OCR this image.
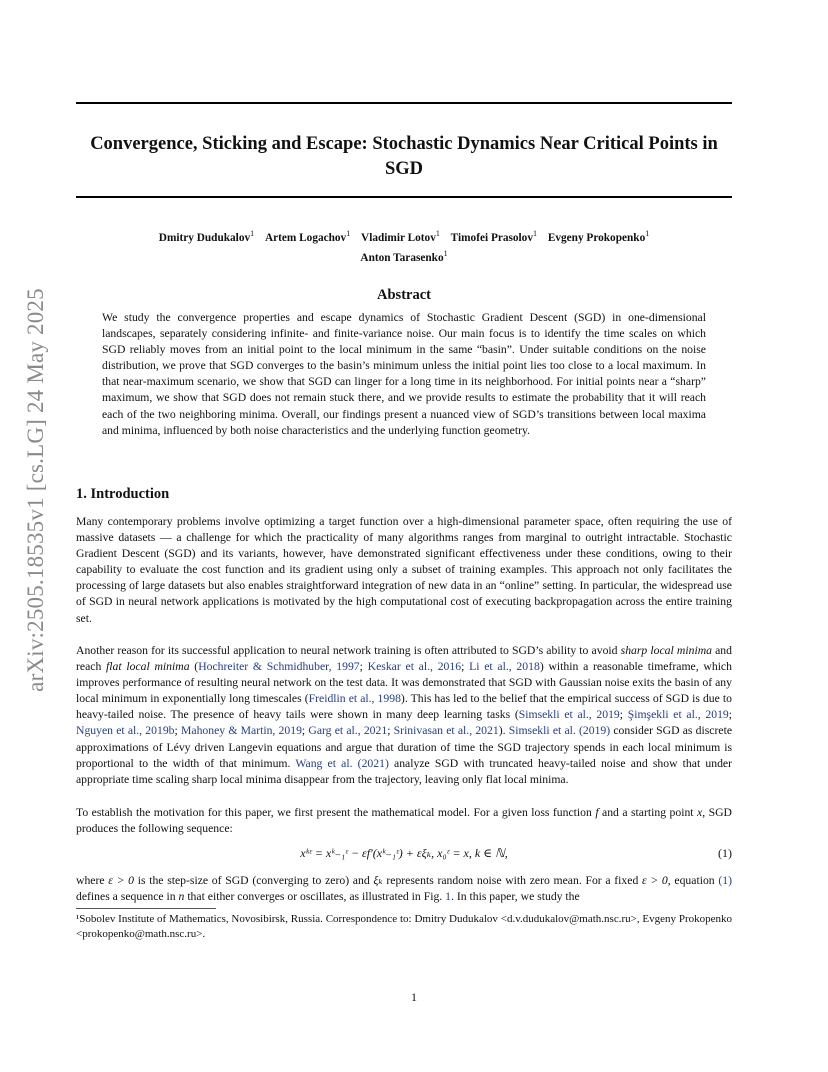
arXiv:2505.18535v1 [cs.LG] 24 May 2025
Convergence, Sticking and Escape: Stochastic Dynamics Near Critical Points in SGD
Dmitry Dudukalov$^1$ Artem Logachov$^1$ Vladimir Lotov$^1$ Timofei Prasolov$^1$ Evgeny Prokopenko$^1$
Anton Tarasenko$^1$
Abstract

We study the convergence properties and escape dynamics of Stochastic Gradient Descent (SGD) in one-dimensional landscapes, separately considering infinite- and finite-variance noise. Our main focus is to identify the time scales on which SGD reliably moves from an initial point to the local minimum in the same “basin”. Under suitable conditions on the noise distribution, we prove that SGD converges to the basin’s minimum unless the initial point lies too close to a local maximum. In that near-maximum scenario, we show that SGD can linger for a long time in its neighborhood. For initial points near a “sharp” maximum, we show that SGD does not remain stuck there, and we provide results to estimate the probability that it will reach each of the two neighboring minima. Overall, our findings present a nuanced view of SGD’s transitions between local maxima and minima, influenced by both noise characteristics and the underlying function geometry.

1. Introduction

Many contemporary problems involve optimizing a target function over a high-dimensional parameter space, often requiring the use of massive datasets — a challenge for which the practicality of many algorithms ranges from marginal to outright intractable. Stochastic Gradient Descent (SGD) and its variants, however, have demonstrated significant effectiveness under these conditions, owing to their capability to evaluate the cost function and its gradient using only a subset of training examples. This approach not only facilitates the processing of large datasets but also enables straightforward integration of new data in an “online” setting. In particular, the widespread use of SGD in neural network applications is motivated by the high computational cost of executing backpropagation across the entire training set.

Another reason for its successful application to neural network training is often attributed to SGD’s ability to avoid sharp local minima and reach flat local minima (Hochreiter & Schmidhuber, 1997; Keskar et al., 2016; Li et al., 2018) within a reasonable timeframe, which improves performance of resulting neural network on the test data. It was demonstrated that SGD with Gaussian noise exits the basin of any local minimum in exponentially long timescales (Freidlin et al., 1998). This has led to the belief that the empirical success of SGD is due to heavy-tailed noise. The presence of heavy tails were shown in many deep learning tasks (Simsekli et al., 2019; Şimşekli et al., 2019; Nguyen et al., 2019b; Mahoney & Martin, 2019; Garg et al., 2021; Srinivasan et al., 2021). Simsekli et al. (2019) consider SGD as discrete approximations of Lévy driven Langevin equations and argue that duration of time the SGD trajectory spends in each local minimum is proportional to the width of that minimum. Wang et al. (2021) analyze SGD with truncated heavy-tailed noise and show that under appropriate time scaling sharp local minima disappear from the trajectory, leaving only flat local minima.

To establish the motivation for this paper, we first present the mathematical model. For a given loss function f and a starting point x, SGD produces the following sequence:

xᵏᵋ = xᵏ₋₁ᵋ − εf′(xᵏ₋₁ᵋ) + εξₖ, x₀ᵋ = x, k ∈ ℕ,	(1)

where ε > 0 is the step-size of SGD (converging to zero) and ξₖ represents random noise with zero mean. For a fixed ε > 0, equation (1) defines a sequence in n that either converges or oscillates, as illustrated in Fig. 1. In this paper, we study the

¹Sobolev Institute of Mathematics, Novosibirsk, Russia. Correspondence to: Dmitry Dudukalov <d.v.dudukalov@math.nsc.ru>, Evgeny Prokopenko <prokopenko@math.nsc.ru>.

1
